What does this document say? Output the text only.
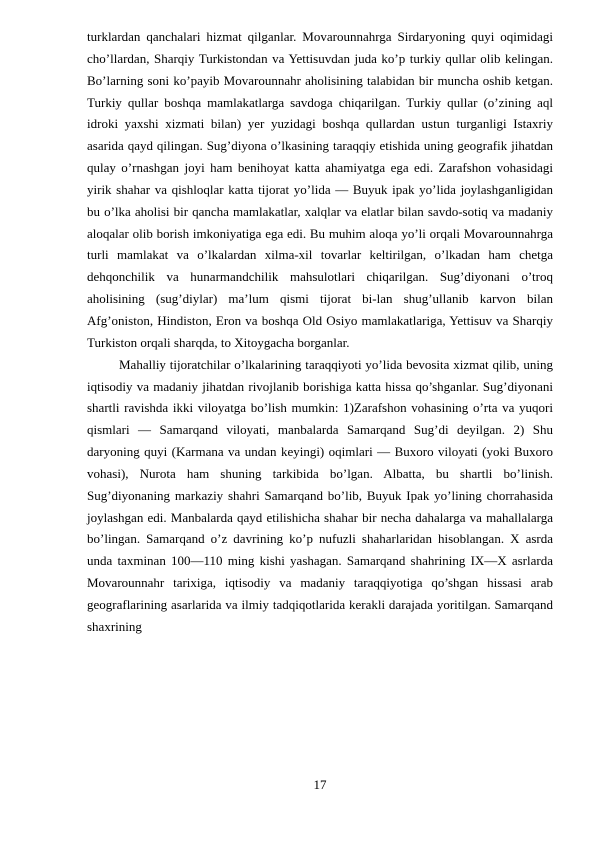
turklardan qanchalari hizmat qilganlar. Movarounnahrga Sirdaryoning quyi oqimidagi cho’llardan, Sharqiy Turkistondan va Yettisuvdan juda ko’p turkiy qullar olib kelingan. Bo’larning soni ko’payib Movarounnahr aholisining talabidan bir muncha oshib ketgan. Turkiy qullar boshqa mamlakatlarga savdoga chiqarilgan. Turkiy qullar (o’zining aql idroki yaxshi xizmati bilan) yer yuzidagi boshqa qullardan ustun turganligi Istaxriy asarida qayd qilingan. Sug’diyona o’lkasining taraqqiy etishida uning geografik jihatdan qulay o’rnashgan joyi ham benihoyat katta ahamiyatga ega edi. Zarafshon vohasidagi yirik shahar va qishloqlar katta tijorat yo’lida — Buyuk ipak yo’lida joylashganligidan bu o’lka aholisi bir qancha mamlakatlar, xalqlar va elatlar bilan savdo-sotiq va madaniy aloqalar olib borish imkoniyatiga ega edi. Bu muhim aloqa yo’li orqali Movarounnahrga turli mamlakat va o’lkalardan xilma-xil tovarlar keltirilgan, o’lkadan ham chetga dehqonchilik va hunarmandchilik mahsulotlari chiqarilgan. Sug’diyonani o’troq aholisining (sug’diylar) ma’lum qismi tijorat bi-lan shug’ullanib karvon bilan Afg’oniston, Hindiston, Eron va boshqa Old Osiyo mamlakatlariga, Yettisuv va Sharqiy Turkiston orqali sharqda, to Xitoygacha borganlar.

Mahalliy tijoratchilar o’lkalarining taraqqiyoti yo’lida bevosita xizmat qilib, uning iqtisodiy va madaniy jihatdan rivojlanib borishiga katta hissa qo’shganlar. Sug’diyonani shartli ravishda ikki viloyatga bo’lish mumkin: 1)Zarafshon vohasining o’rta va yuqori qismlari — Samarqand viloyati, manbalarda Samarqand Sug’di deyilgan. 2) Shu daryoning quyi (Karmana va undan keyingi) oqimlari — Buxoro viloyati (yoki Buxoro vohasi), Nurota ham shuning tarkibida bo’lgan. Albatta, bu shartli bo’linish. Sug’diyonaning markaziy shahri Samarqand bo’lib, Buyuk Ipak yo’lining chorrahasida joylashgan edi. Manbalarda qayd etilishicha shahar bir necha dahalarga va mahallalarga bo’lingan. Samarqand o’z davrining ko’p nufuzli shaharlaridan hisoblangan. X asrda unda taxminan 100—110 ming kishi yashagan. Samarqand shahrining IX—X asrlarda Movarounnahr tarixiga, iqtisodiy va madaniy taraqqiyotiga qo’shgan hissasi arab geograflarining asarlarida va ilmiy tadqiqotlarida kerakli darajada yoritilgan. Samarqand shaxrining

17
